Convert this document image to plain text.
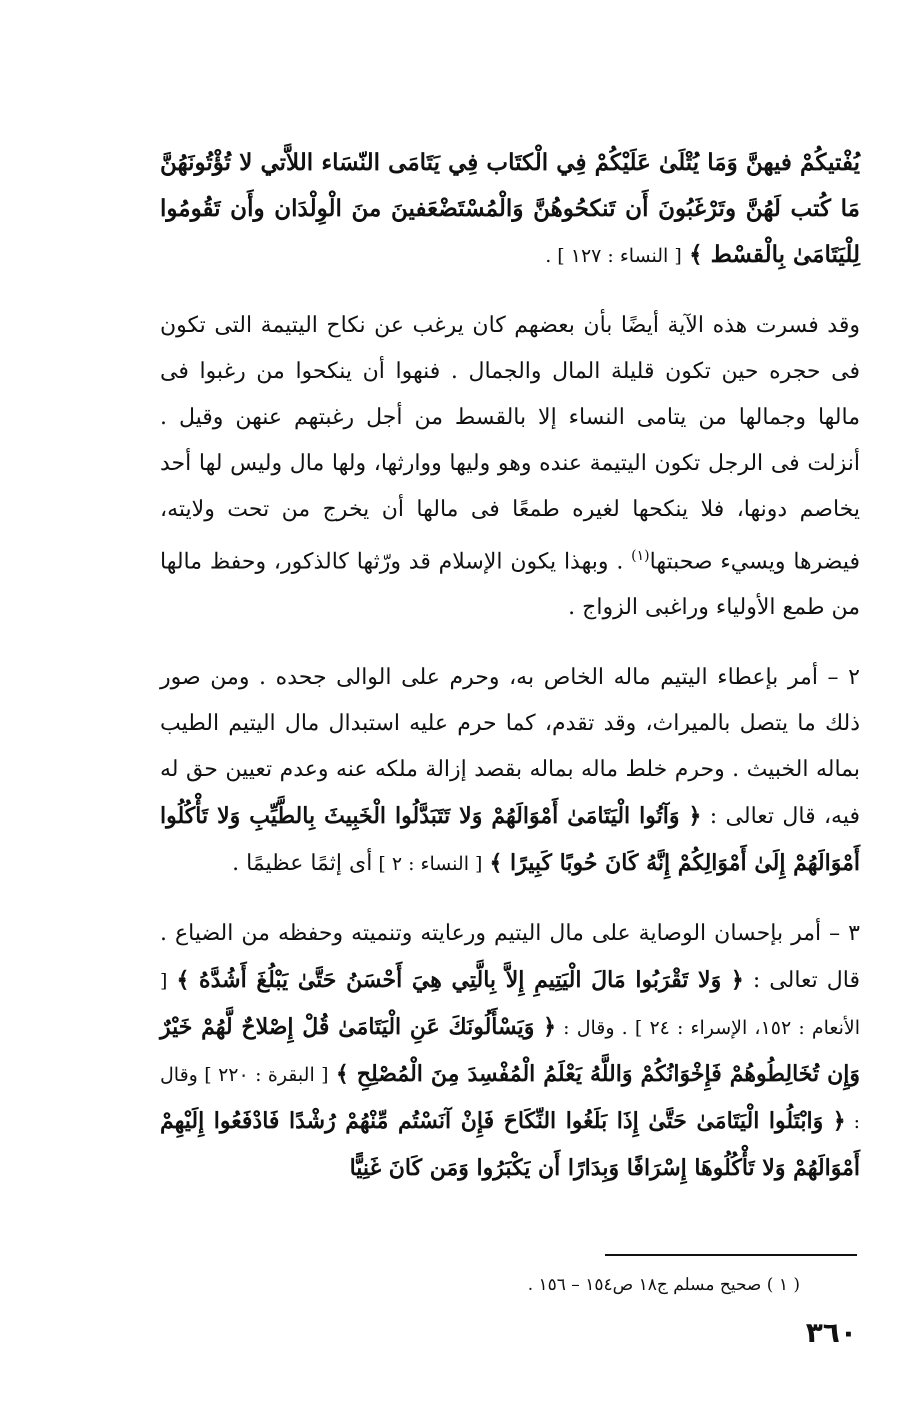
يُفْتيكُمْ فيهنَّ وَمَا يُتْلَىٰ عَلَيْكُمْ فِي الْكتَاب فِي يَتَامَى النّسَاء اللاَّتي لا تُؤْتُونَهُنَّ مَا كُتب لَهُنَّ وتَرْغَبُونَ أَن تَنكحُوهُنَّ وَالْمُسْتَضْعَفينَ منَ الْوِلْدَان وأَن تَقُومُوا لِلْيَتَامَىٰ بِالْقسْط ﴾ [ النساء : ١٢٧ ] .

وقد فسرت هذه الآية أيضًا بأن بعضهم كان يرغب عن نكاح اليتيمة التى تكون فى حجره حين تكون قليلة المال والجمال . فنهوا أن ينكحوا من رغبوا فى مالها وجمالها من يتامى النساء إلا بالقسط من أجل رغبتهم عنهن وقيل . أنزلت فى الرجل تكون اليتيمة عنده وهو وليها ووارثها، ولها مال وليس لها أحد يخاصم دونها، فلا ينكحها لغيره طمعًا فى مالها أن يخرج من تحت ولايته، فيضرها ويسيء صحبتها$^{(١)}$ . وبهذا يكون الإسلام قد ورّثها كالذكور، وحفظ مالها من طمع الأولياء وراغبى الزواج .

٢ – أمر بإعطاء اليتيم ماله الخاص به، وحرم على الوالى جحده . ومن صور ذلك ما يتصل بالميراث، وقد تقدم، كما حرم عليه استبدال مال اليتيم الطيب بماله الخبيث . وحرم خلط ماله بماله بقصد إزالة ملكه عنه وعدم تعيين حق له فيه، قال تعالى : ﴿ وَآتُوا الْيَتَامَىٰ أَمْوَالَهُمْ وَلا تَتَبَدَّلُوا الْخَبِيثَ بِالطَّيِّبِ وَلا تَأْكُلُوا أَمْوَالَهُمْ إِلَىٰ أَمْوَالِكُمْ إِنَّهُ كَانَ حُوبًا كَبِيرًا ﴾ [ النساء : ٢ ] أى إثمًا عظيمًا .

٣ – أمر بإحسان الوصاية على مال اليتيم ورعايته وتنميته وحفظه من الضياع . قال تعالى : ﴿ وَلا تَقْرَبُوا مَالَ الْيَتِيمِ إِلاَّ بِالَّتِي هِيَ أَحْسَنُ حَتَّىٰ يَبْلُغَ أَشُدَّهُ ﴾ [ الأنعام : ١٥٢، الإسراء : ٢٤ ] . وقال : ﴿ وَيَسْأَلُونَكَ عَنِ الْيَتَامَىٰ قُلْ إِصْلاحٌ لَّهُمْ خَيْرٌ وَإِن تُخَالِطُوهُمْ فَإِخْوَانُكُمْ وَاللَّهُ يَعْلَمُ الْمُفْسِدَ مِنَ الْمُصْلِحِ ﴾ [ البقرة : ٢٢٠ ] وقال : ﴿ وَابْتَلُوا الْيَتَامَىٰ حَتَّىٰ إِذَا بَلَغُوا النِّكَاحَ فَإِنْ آنَسْتُم مِّنْهُمْ رُشْدًا فَادْفَعُوا إِلَيْهِمْ أَمْوَالَهُمْ وَلا تَأْكُلُوهَا إِسْرَافًا وَبِدَارًا أَن يَكْبَرُوا وَمَن كَانَ غَنِيًّا

( ١ ) صحيح مسلم ج١٨ ص١٥٤ – ١٥٦ .
٣٦٠
